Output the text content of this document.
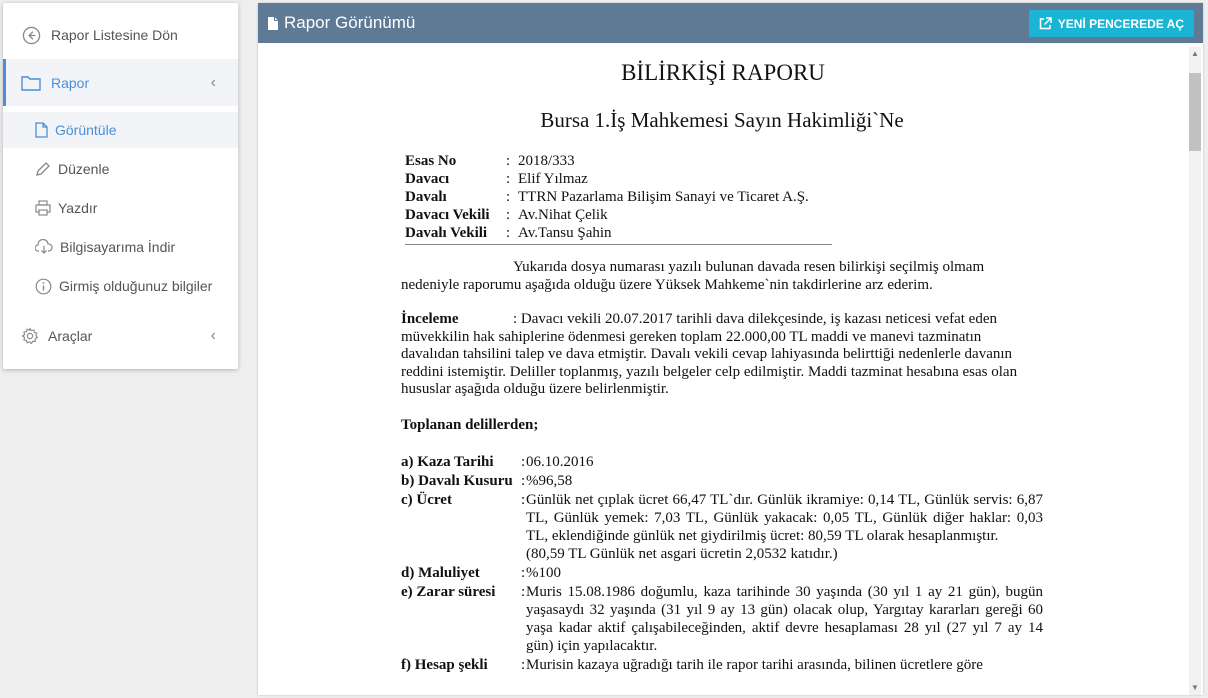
Rapor Listesine Dön
Rapor	‹
Görüntüle
Düzenle
Yazdır
Bilgisayarıma İndir
Girmiş olduğunuz bilgiler
Araçlar	‹
Rapor Görünümü	YENİ PENCEREDE AÇ
BİLİRKİŞİ RAPORU
Bursa 1.İş Mahkemesi Sayın Hakimliği`Ne
Esas No	: 2018/333
Davacı	: Elif Yılmaz
Davalı	: TTRN Pazarlama Bilişim Sanayi ve Ticaret A.Ş.
Davacı Vekili	: Av.Nihat Çelik
Davalı Vekili	: Av.Tansu Şahin
Yukarıda dosya numarası yazılı bulunan davada resen bilirkişi seçilmiş olmam
nedeniyle raporumu aşağıda olduğu üzere Yüksek Mahkeme`nin takdirlerine arz ederim.
İnceleme	: Davacı vekili 20.07.2017 tarihli dava dilekçesinde, iş kazası neticesi vefat eden müvekkilin hak sahiplerine ödenmesi gereken toplam 22.000,00 TL maddi ve manevi tazminatın davalıdan tahsilini talep ve dava etmiştir. Davalı vekili cevap lahiyasında belirttiği nedenlerle davanın reddini istemiştir. Deliller toplanmış, yazılı belgeler celp edilmiştir. Maddi tazminat hesabına esas olan hususlar aşağıda olduğu üzere belirlenmiştir.
Toplanan delillerden;
a) Kaza Tarihi	: 06.10.2016
b) Davalı Kusuru : %96,58
c) Ücret	: Günlük net çıplak ücret 66,47 TL`dır. Günlük ikramiye: 0,14 TL, Günlük servis: 6,87 TL, Günlük yemek: 7,03 TL, Günlük yakacak: 0,05 TL, Günlük diğer haklar: 0,03 TL, eklendiğinde günlük net giydirilmiş ücret: 80,59 TL olarak hesaplanmıştır.
(80,59 TL Günlük net asgari ücretin 2,0532 katıdır.)
d) Maluliyet	: %100
e) Zarar süresi	: Muris 15.08.1986 doğumlu, kaza tarihinde 30 yaşında (30 yıl 1 ay 21 gün), bugün yaşasaydı 32 yaşında (31 yıl 9 ay 13 gün) olacak olup, Yargıtay kararları gereği 60 yaşa kadar aktif çalışabileceğinden, aktif devre hesaplaması 28 yıl (27 yıl 7 ay 14 gün) için yapılacaktır.
f) Hesap şekli	: Murisin kazaya uğradığı tarih ile rapor tarihi arasında, bilinen ücretlere göre
▲
▼
